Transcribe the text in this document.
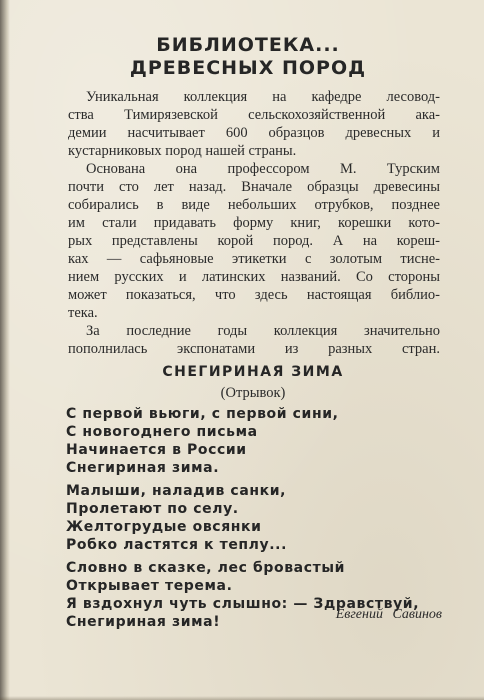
БИБЛИОТЕКА...
ДРЕВЕСНЫХ ПОРОД
Уникальная коллекция на кафедре лесовод-
ства Тимирязевской сельскохозяйственной ака-
демии насчитывает 600 образцов древесных и
кустарниковых пород нашей страны.
Основана она профессором М. Турским
почти сто лет назад. Вначале образцы древесины
собирались в виде небольших отрубков, позднее
им стали придавать форму книг, корешки кото-
рых представлены корой пород. А на кореш-
ках — сафьяновые этикетки с золотым тисне-
нием русских и латинских названий. Со стороны
может показаться, что здесь настоящая библио-
тека.
За последние годы коллекция значительно
пополнилась экспонатами из разных стран.
СНЕГИРИНАЯ ЗИМА
(Отрывок)
С первой вьюги, с первой сини,
С новогоднего письма
Начинается в России
Снегириная зима.
Малыши, наладив санки,
Пролетают по селу.
Желтогрудые овсянки
Робко ластятся к теплу...
Словно в сказке, лес бровастый
Открывает терема.
Я вздохнул чуть слышно: — Здравствуй,
Снегириная зима!	Евгений Савинов
